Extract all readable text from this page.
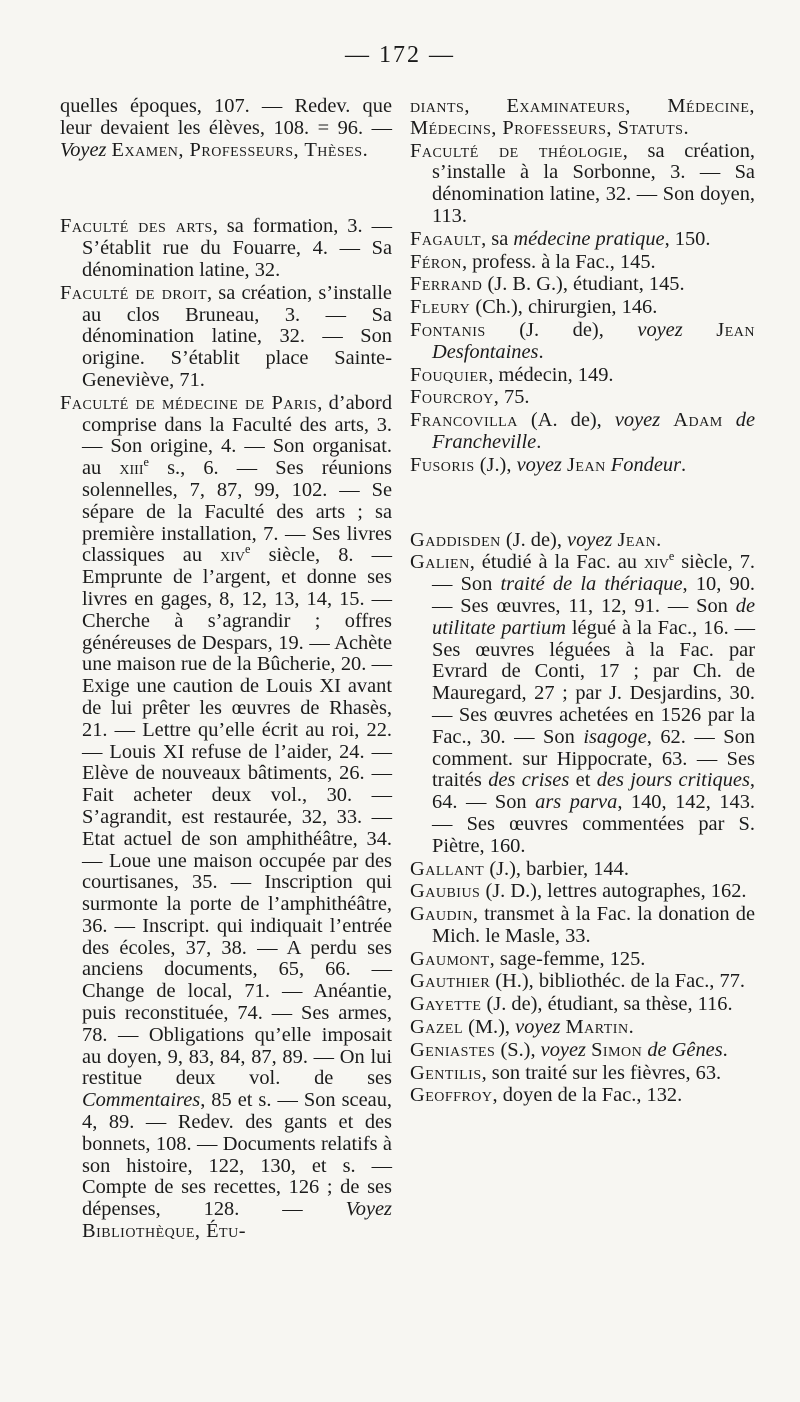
— 172 —

quelles époques, 107. — Redev. que leur devaient les élèves, 108. = 96. — Voyez Examen, Professeurs, Thèses.

Faculté des arts, sa formation, 3. — S’établit rue du Fouarre, 4. — Sa dénomination latine, 32.

Faculté de droit, sa création, s’installe au clos Bruneau, 3. — Sa dénomination latine, 32. — Son origine. S’établit place Sainte-Geneviève, 71.

Faculté de médecine de Paris, d’abord comprise dans la Faculté des arts, 3. — Son origine, 4. — Son organisat. au xiii$^e$ s., 6. — Ses réunions solennelles, 7, 87, 99, 102. — Se sépare de la Faculté des arts ; sa première installation, 7. — Ses livres classiques au xiv$^e$ siècle, 8. — Emprunte de l’argent, et donne ses livres en gages, 8, 12, 13, 14, 15. — Cherche à s’agrandir ; offres généreuses de Despars, 19. — Achète une maison rue de la Bûcherie, 20. — Exige une caution de Louis XI avant de lui prêter les œuvres de Rhasès, 21. — Lettre qu’elle écrit au roi, 22. — Louis XI refuse de l’aider, 24. — Elève de nouveaux bâtiments, 26. — Fait acheter deux vol., 30. — S’agrandit, est restaurée, 32, 33. — Etat actuel de son amphithéâtre, 34. — Loue une maison occupée par des courtisanes, 35. — Inscription qui surmonte la porte de l’amphithéâtre, 36. — Inscript. qui indiquait l’entrée des écoles, 37, 38. — A perdu ses anciens documents, 65, 66. — Change de local, 71. — Anéantie, puis reconstituée, 74. — Ses armes, 78. — Obligations qu’elle imposait au doyen, 9, 83, 84, 87, 89. — On lui restitue deux vol. de ses Commentaires, 85 et s. — Son sceau, 4, 89. — Redev. des gants et des bonnets, 108. — Documents relatifs à son histoire, 122, 130, et s. — Compte de ses recettes, 126 ; de ses dépenses, 128. — Voyez Bibliothèque, Étu-

diants, Examinateurs, Médecine, Médecins, Professeurs, Statuts.

Faculté de théologie, sa création, s’installe à la Sorbonne, 3. — Sa dénomination latine, 32. — Son doyen, 113.

Fagault, sa médecine pratique, 150.

Féron, profess. à la Fac., 145.

Ferrand (J. B. G.), étudiant, 145.

Fleury (Ch.), chirurgien, 146.

Fontanis (J. de), voyez Jean Desfontaines.

Fouquier, médecin, 149.

Fourcroy, 75.

Francovilla (A. de), voyez Adam de Francheville.

Fusoris (J.), voyez Jean Fondeur.

Gaddisden (J. de), voyez Jean.

Galien, étudié à la Fac. au xiv$^e$ siècle, 7. — Son traité de la thériaque, 10, 90. — Ses œuvres, 11, 12, 91. — Son de utilitate partium légué à la Fac., 16. — Ses œuvres léguées à la Fac. par Evrard de Conti, 17 ; par Ch. de Mauregard, 27 ; par J. Desjardins, 30. — Ses œuvres achetées en 1526 par la Fac., 30. — Son isagoge, 62. — Son comment. sur Hippocrate, 63. — Ses traités des crises et des jours critiques, 64. — Son ars parva, 140, 142, 143. — Ses œuvres commentées par S. Piètre, 160.

Gallant (J.), barbier, 144.

Gaubius (J. D.), lettres autographes, 162.

Gaudin, transmet à la Fac. la donation de Mich. le Masle, 33.

Gaumont, sage-femme, 125.

Gauthier (H.), bibliothéc. de la Fac., 77.

Gayette (J. de), étudiant, sa thèse, 116.

Gazel (M.), voyez Martin.

Geniastes (S.), voyez Simon de Gênes.

Gentilis, son traité sur les fièvres, 63.

Geoffroy, doyen de la Fac., 132.
